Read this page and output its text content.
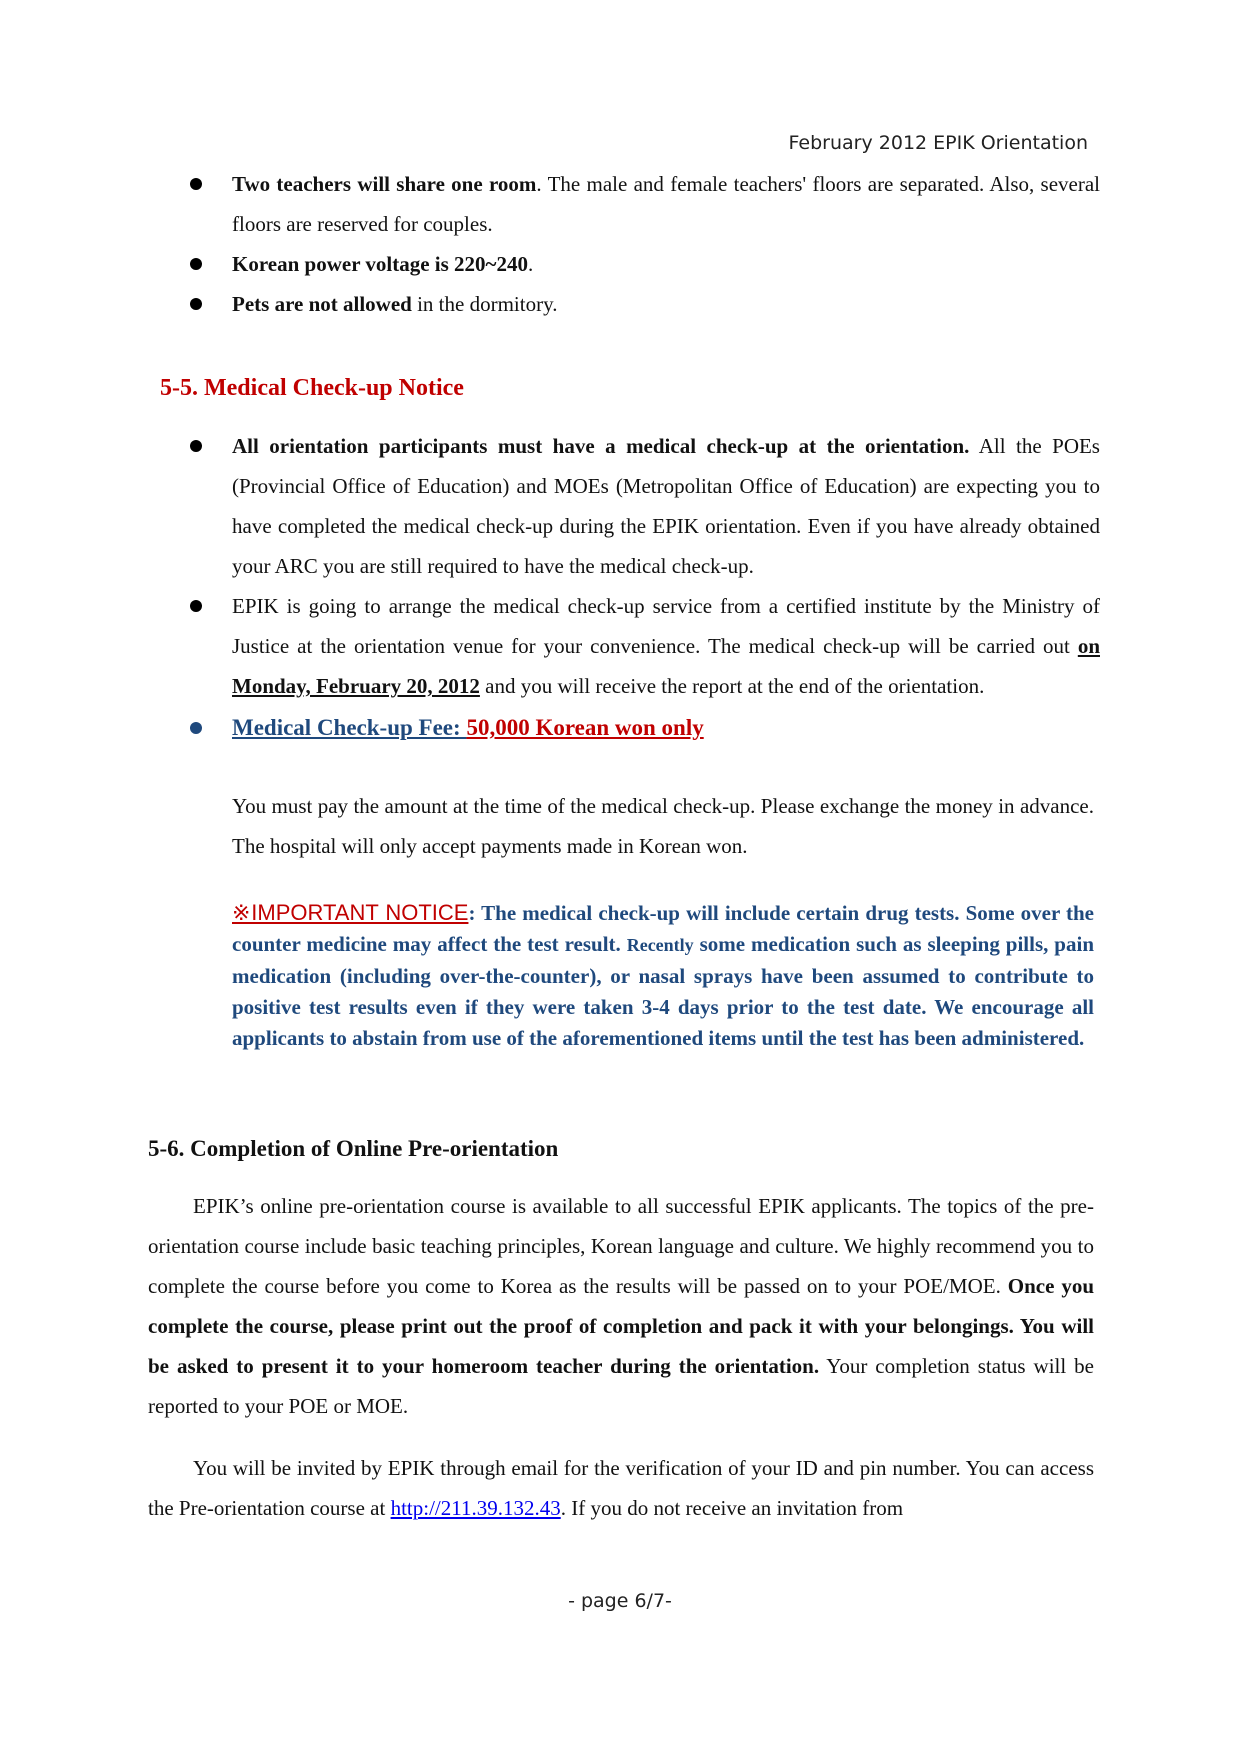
February 2012 EPIK Orientation
Two teachers will share one room. The male and female teachers' floors are separated. Also, several floors are reserved for couples.
Korean power voltage is 220~240.
Pets are not allowed in the dormitory.
5-5. Medical Check-up Notice
All orientation participants must have a medical check-up at the orientation. All the POEs (Provincial Office of Education) and MOEs (Metropolitan Office of Education) are expecting you to have completed the medical check-up during the EPIK orientation. Even if you have already obtained your ARC you are still required to have the medical check-up.
EPIK is going to arrange the medical check-up service from a certified institute by the Ministry of Justice at the orientation venue for your convenience. The medical check-up will be carried out on Monday, February 20, 2012 and you will receive the report at the end of the orientation.
Medical Check-up Fee: 50,000 Korean won only
You must pay the amount at the time of the medical check-up. Please exchange the money in advance. The hospital will only accept payments made in Korean won.
※IMPORTANT NOTICE: The medical check-up will include certain drug tests. Some over the counter medicine may affect the test result. Recently some medication such as sleeping pills, pain medication (including over-the-counter), or nasal sprays have been assumed to contribute to positive test results even if they were taken 3-4 days prior to the test date. We encourage all applicants to abstain from use of the aforementioned items until the test has been administered.
5-6. Completion of Online Pre-orientation
EPIK’s online pre-orientation course is available to all successful EPIK applicants. The topics of the pre-orientation course include basic teaching principles, Korean language and culture. We highly recommend you to complete the course before you come to Korea as the results will be passed on to your POE/MOE. Once you complete the course, please print out the proof of completion and pack it with your belongings. You will be asked to present it to your homeroom teacher during the orientation. Your completion status will be reported to your POE or MOE.
You will be invited by EPIK through email for the verification of your ID and pin number. You can access the Pre-orientation course at http://211.39.132.43. If you do not receive an invitation from
- page 6/7-
